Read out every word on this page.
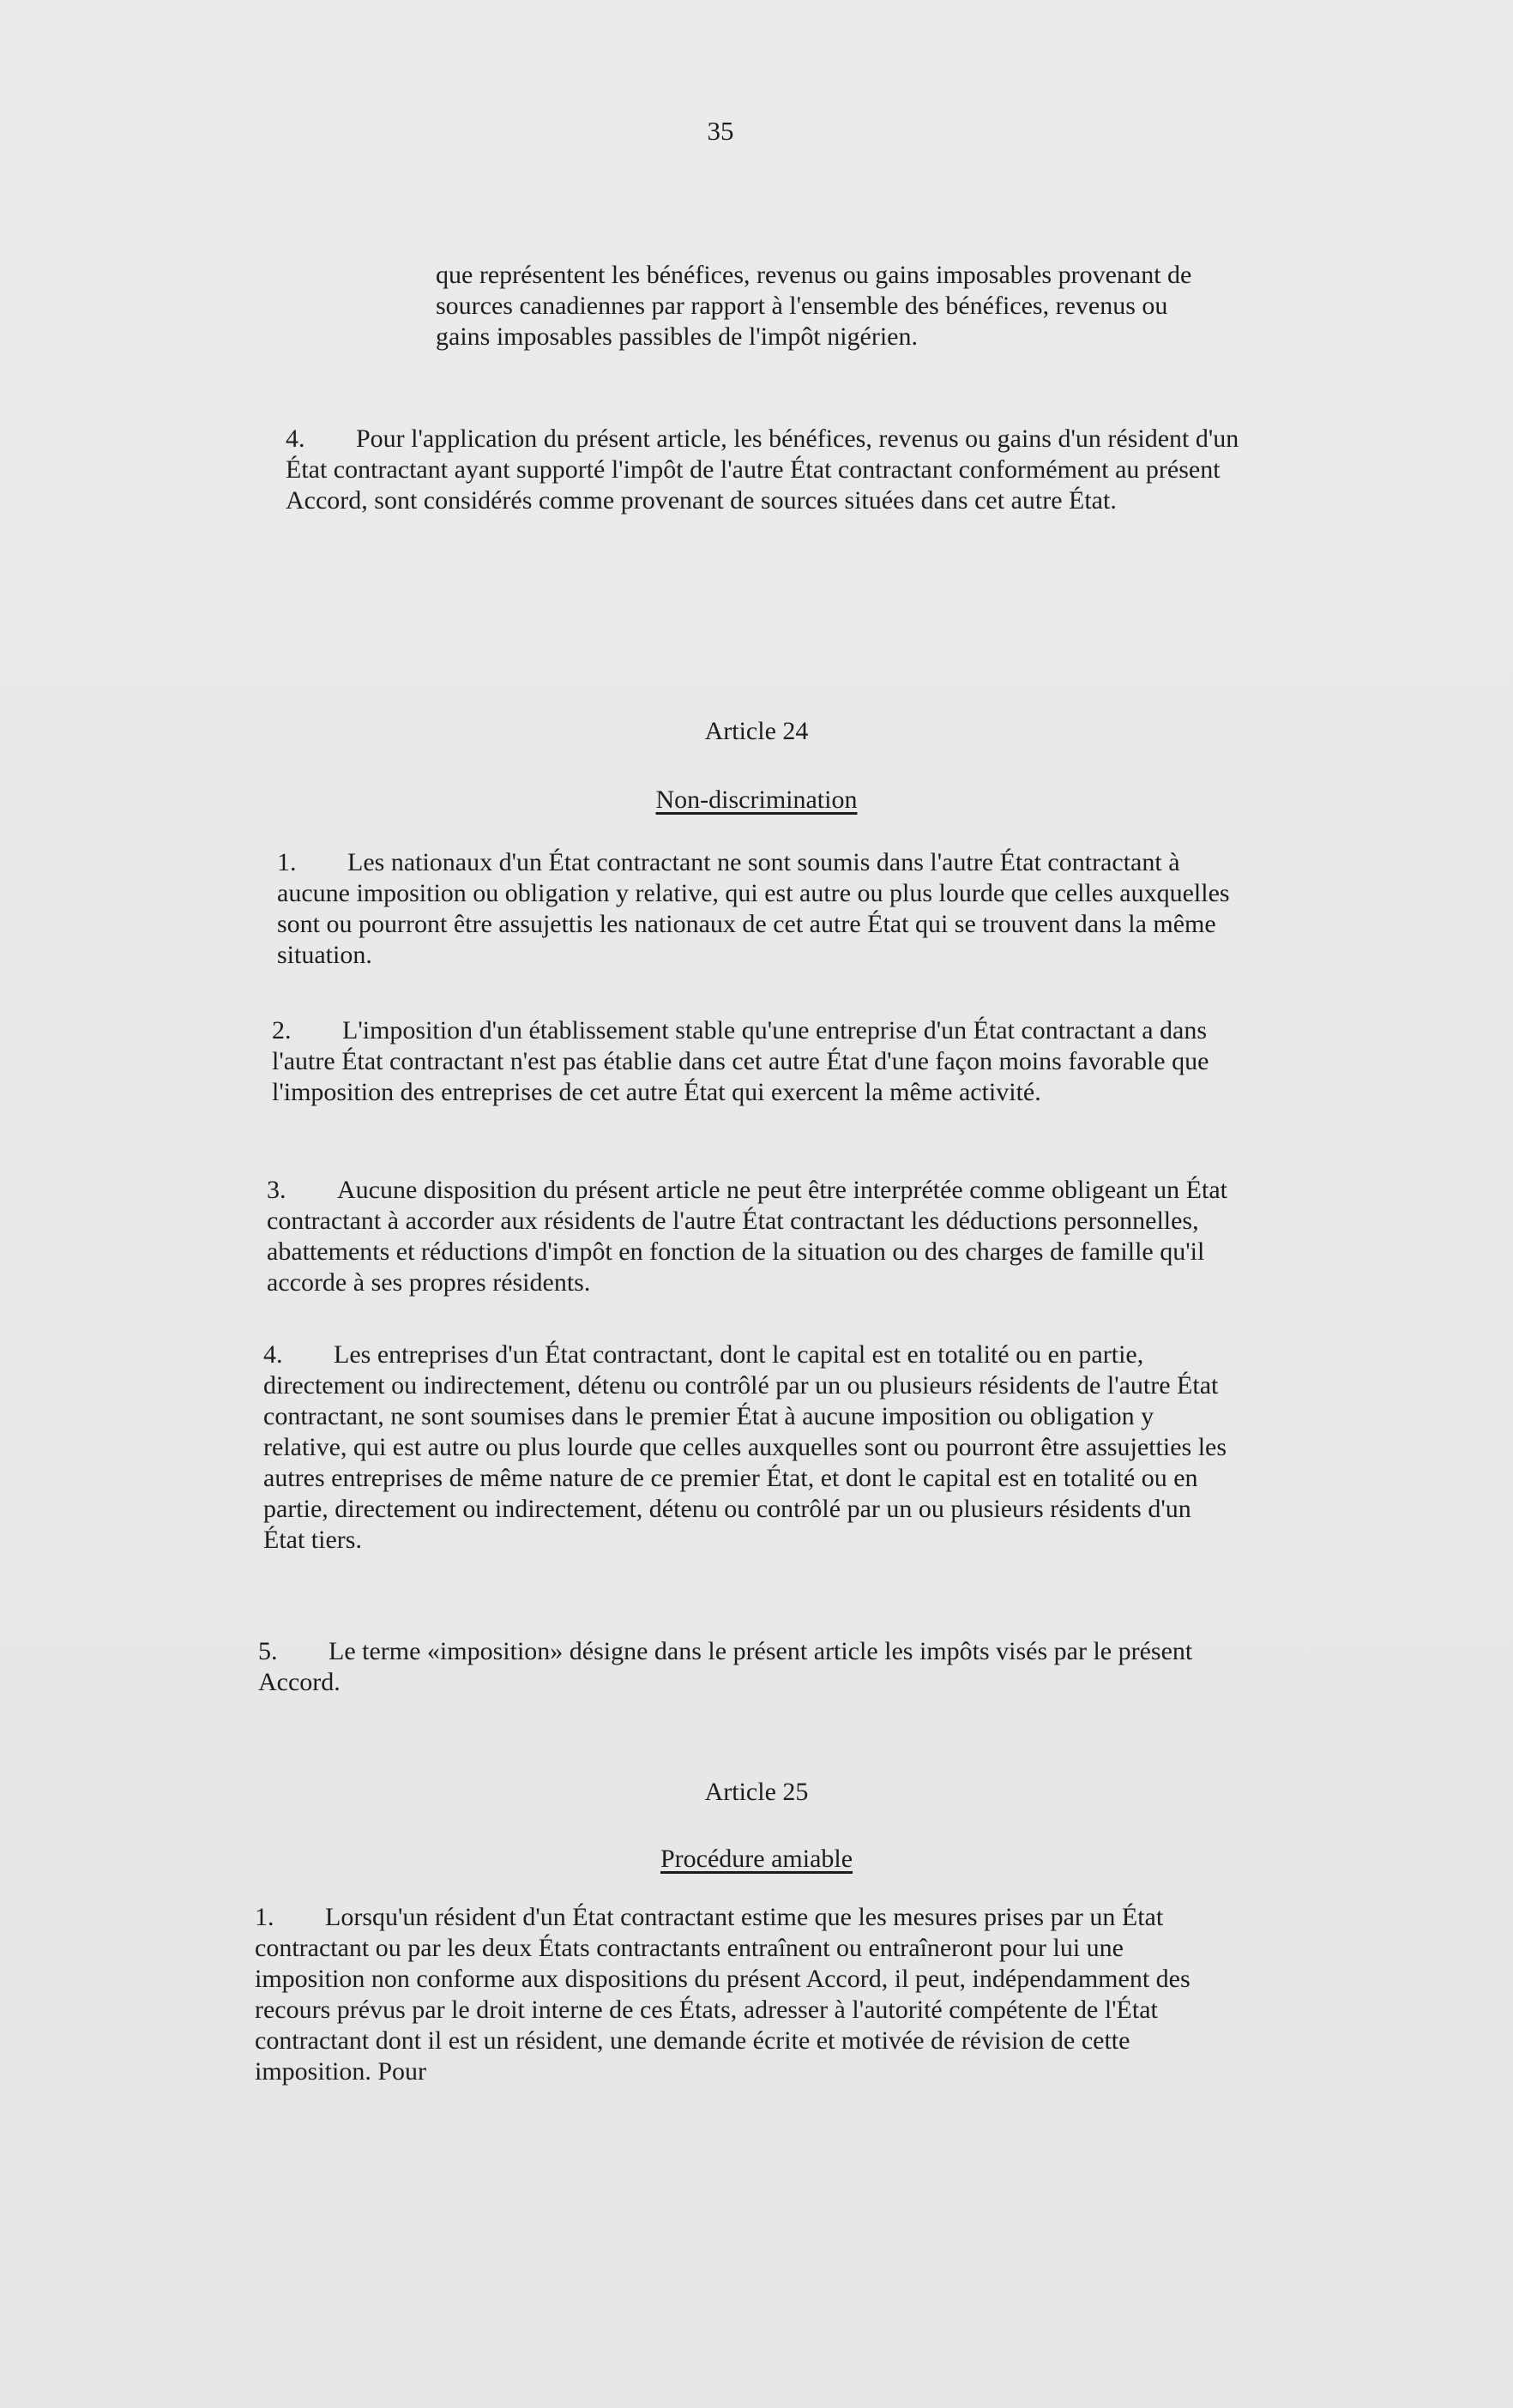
35

que représentent les bénéfices, revenus ou gains imposables provenant de sources canadiennes par rapport à l'ensemble des bénéfices, revenus ou gains imposables passibles de l'impôt nigérien.

4. Pour l'application du présent article, les bénéfices, revenus ou gains d'un résident d'un État contractant ayant supporté l'impôt de l'autre État contractant conformément au présent Accord, sont considérés comme provenant de sources situées dans cet autre État.

Article 24
Non-discrimination

1. Les nationaux d'un État contractant ne sont soumis dans l'autre État contractant à aucune imposition ou obligation y relative, qui est autre ou plus lourde que celles auxquelles sont ou pourront être assujettis les nationaux de cet autre État qui se trouvent dans la même situation.

2. L'imposition d'un établissement stable qu'une entreprise d'un État contractant a dans l'autre État contractant n'est pas établie dans cet autre État d'une façon moins favorable que l'imposition des entreprises de cet autre État qui exercent la même activité.

3. Aucune disposition du présent article ne peut être interprétée comme obligeant un État contractant à accorder aux résidents de l'autre État contractant les déductions personnelles, abattements et réductions d'impôt en fonction de la situation ou des charges de famille qu'il accorde à ses propres résidents.

4. Les entreprises d'un État contractant, dont le capital est en totalité ou en partie, directement ou indirectement, détenu ou contrôlé par un ou plusieurs résidents de l'autre État contractant, ne sont soumises dans le premier État à aucune imposition ou obligation y relative, qui est autre ou plus lourde que celles auxquelles sont ou pourront être assujetties les autres entreprises de même nature de ce premier État, et dont le capital est en totalité ou en partie, directement ou indirectement, détenu ou contrôlé par un ou plusieurs résidents d'un État tiers.

5. Le terme «imposition» désigne dans le présent article les impôts visés par le présent Accord.

Article 25
Procédure amiable

1. Lorsqu'un résident d'un État contractant estime que les mesures prises par un État contractant ou par les deux États contractants entraînent ou entraîneront pour lui une imposition non conforme aux dispositions du présent Accord, il peut, indépendamment des recours prévus par le droit interne de ces États, adresser à l'autorité compétente de l'État contractant dont il est un résident, une demande écrite et motivée de révision de cette imposition. Pour
